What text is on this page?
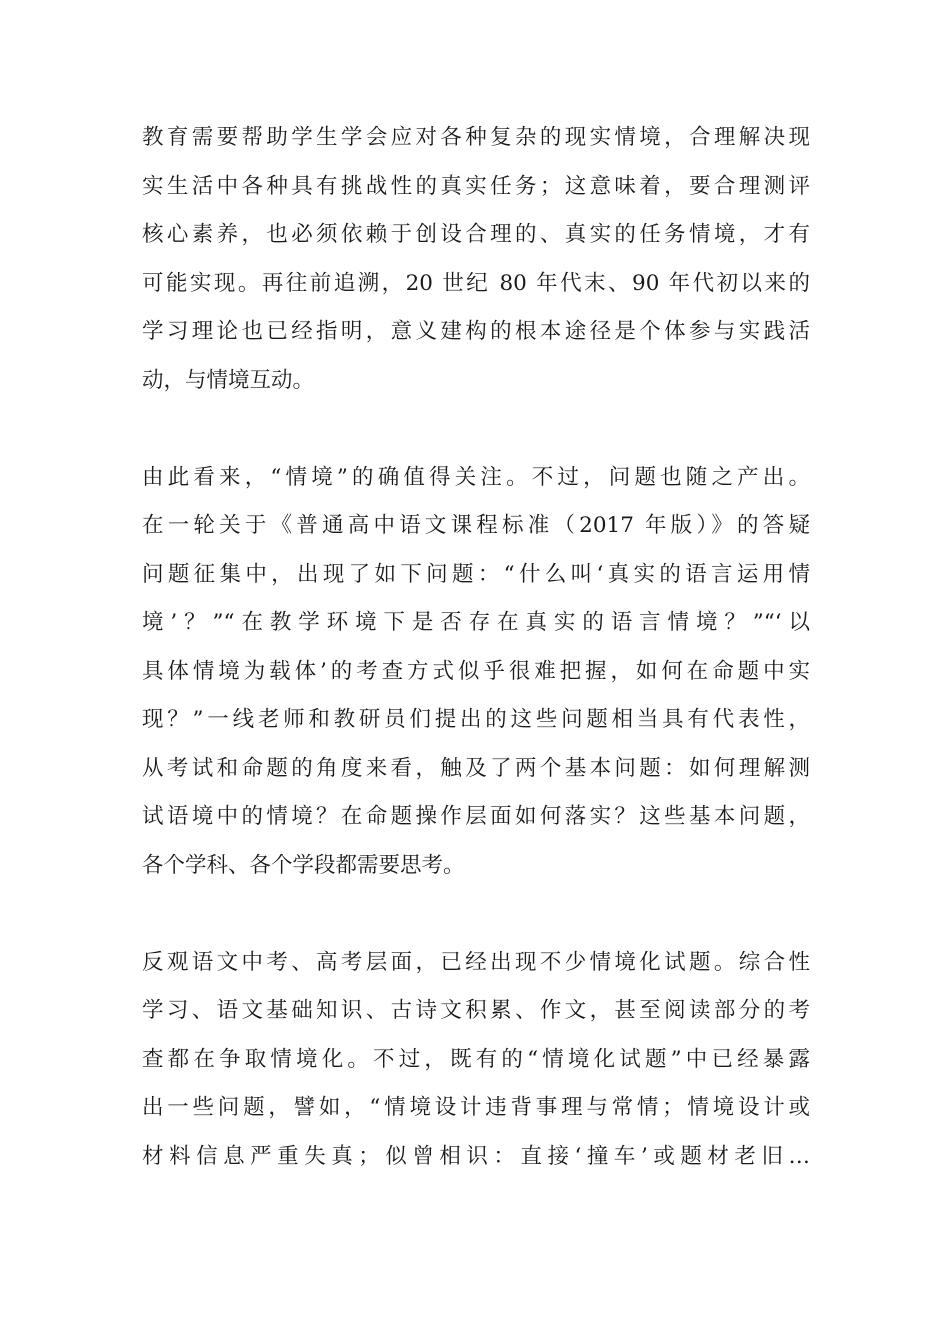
教育需要帮助学生学会应对各种复杂的现实情境，合理解决现
实生活中各种具有挑战性的真实任务；这意味着，要合理测评
核心素养，也必须依赖于创设合理的、真实的任务情境，才有
可能实现。再往前追溯，20 世纪 80 年代末、90 年代初以来的
学习理论也已经指明，意义建构的根本途径是个体参与实践活
动，与情境互动。
由此看来，“情境”的确值得关注。不过，问题也随之产出。
在一轮关于《普通高中语文课程标准（2017 年版）》的答疑
问题征集中，出现了如下问题：“什么叫‘真实的语言运用情
境’？”“在教学环境下是否存在真实的语言情境？”“‘以
具体情境为载体’的考查方式似乎很难把握，如何在命题中实
现？”一线老师和教研员们提出的这些问题相当具有代表性，
从考试和命题的角度来看，触及了两个基本问题：如何理解测
试语境中的情境？在命题操作层面如何落实？这些基本问题，
各个学科、各个学段都需要思考。
反观语文中考、高考层面，已经出现不少情境化试题。综合性
学习、语文基础知识、古诗文积累、作文，甚至阅读部分的考
查都在争取情境化。不过，既有的“情境化试题”中已经暴露
出一些问题，譬如，“情境设计违背事理与常情；情境设计或
材料信息严重失真；似曾相识：直接‘撞车’或题材老旧…
